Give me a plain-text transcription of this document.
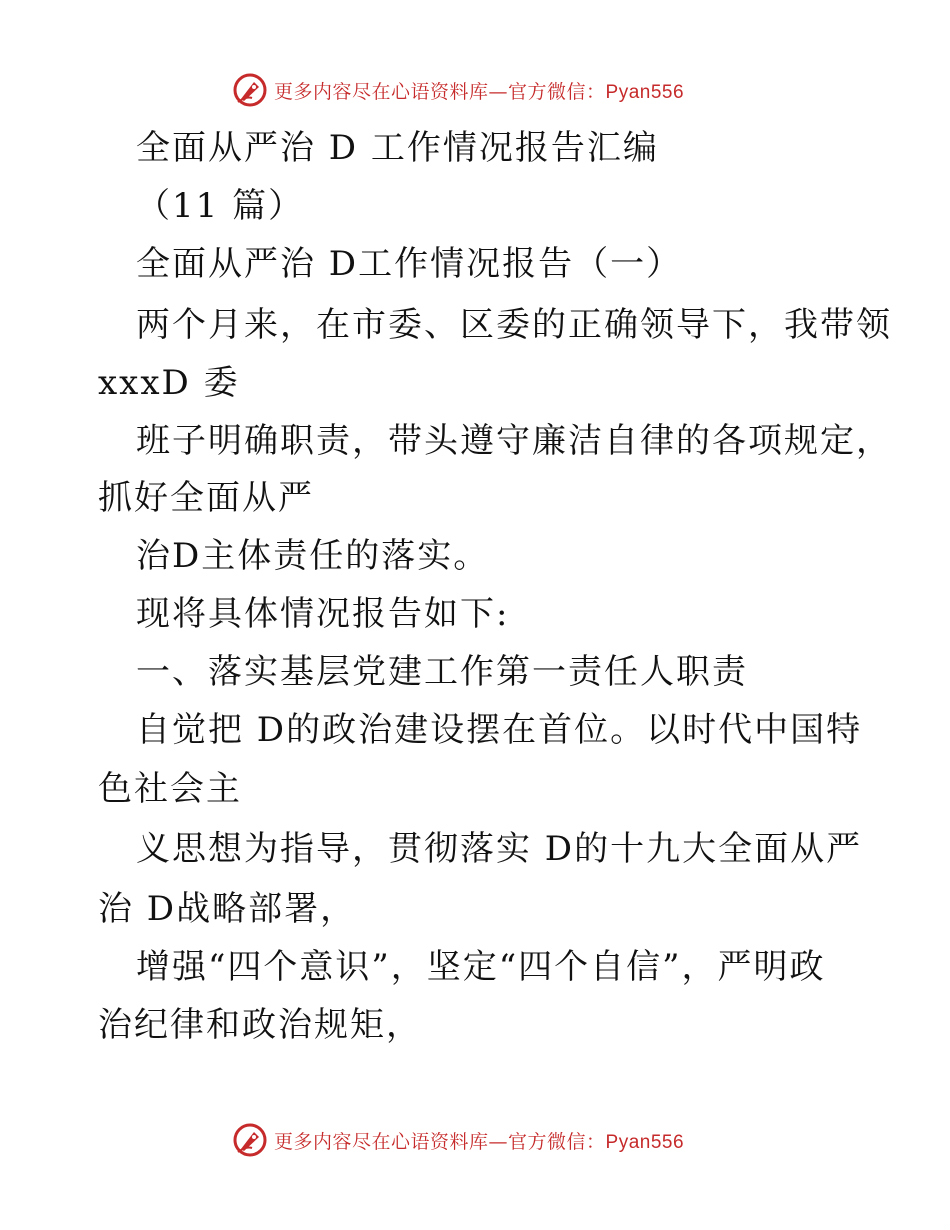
更多内容尽在心语资料库—官方微信：Pyan556
全面从严治 D 工作情况报告汇编
（11 篇）
全面从严治 D工作情况报告（一）
两个月来，在市委、区委的正确领导下，我带领
xxxD 委
班子明确职责，带头遵守廉洁自律的各项规定，
抓好全面从严
治D主体责任的落实。
现将具体情况报告如下:
一、落实基层党建工作第一责任人职责
自觉把 D的政治建设摆在首位。以时代中国特
色社会主
义思想为指导，贯彻落实 D的十九大全面从严
治 D战略部署，
增强“四个意识”，坚定“四个自信”，严明政
治纪律和政治规矩，
更多内容尽在心语资料库—官方微信：Pyan556
